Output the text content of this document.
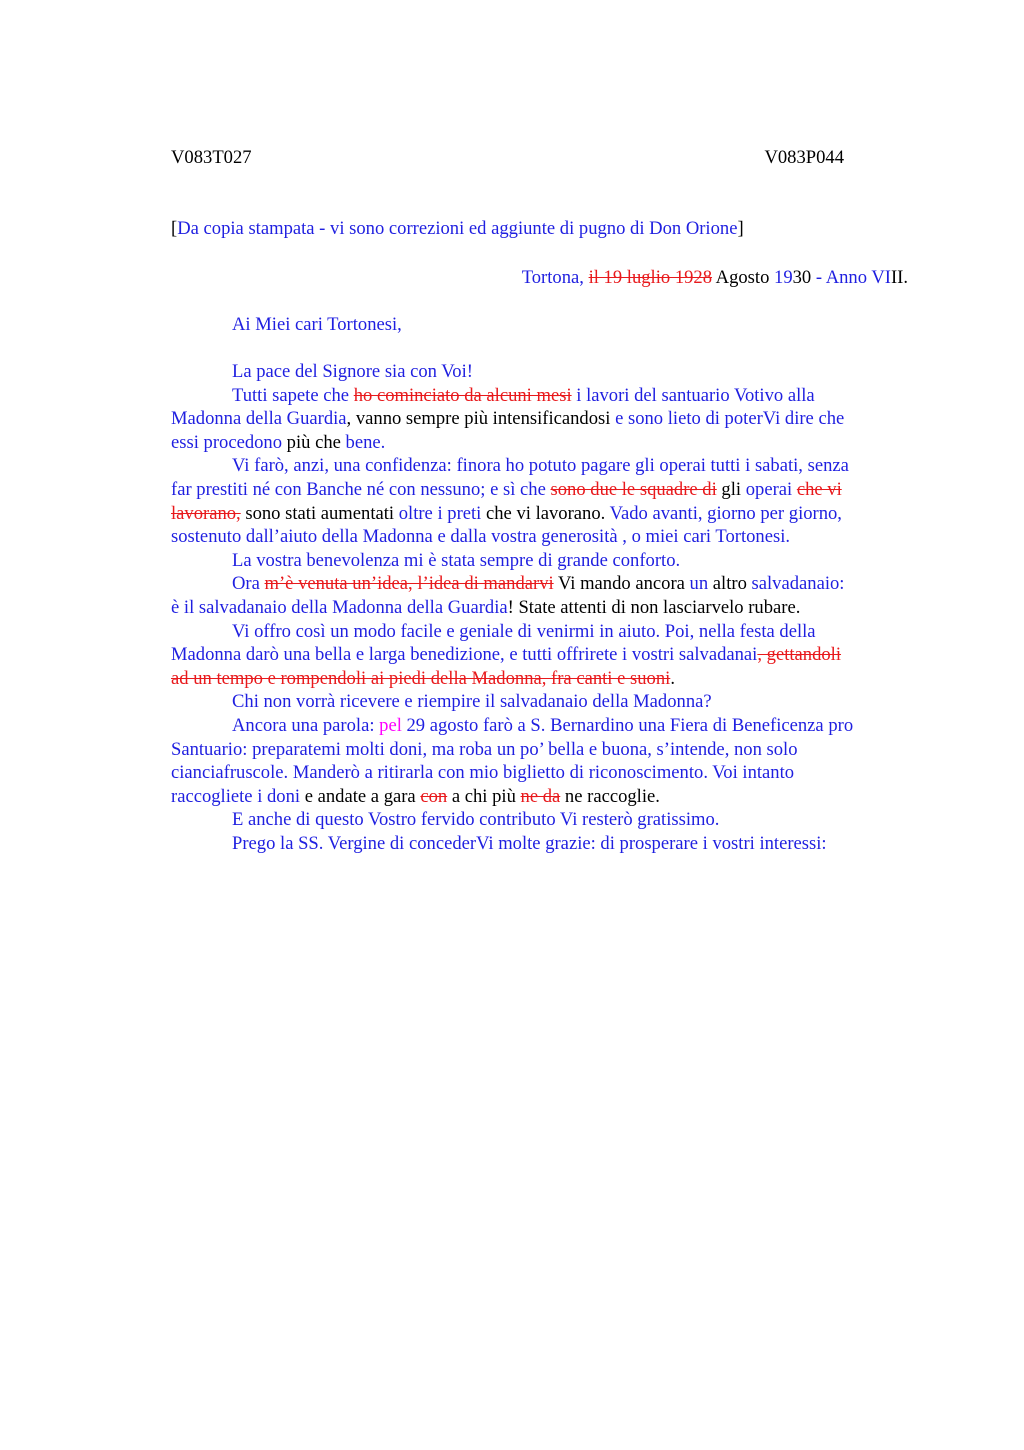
V083T027	V083P044
[Da copia stampata - vi sono correzioni ed aggiunte di pugno di Don Orione]
Tortona, il 19 luglio 1928 Agosto 1930 - Anno VIII.

Ai Miei cari Tortonesi,

La pace del Signore sia con Voi!

Tutti sapete che ho cominciato da alcuni mesi i lavori del santuario Votivo alla

Madonna della Guardia, vanno sempre più intensificandosi e sono lieto di poterVi dire che

essi procedono più che bene.

Vi farò, anzi, una confidenza: finora ho potuto pagare gli operai tutti i sabati, senza

far prestiti né con Banche né con nessuno; e sì che sono due le squadre di gli operai che vi

lavorano, sono stati aumentati oltre i preti che vi lavorano. Vado avanti, giorno per giorno,

sostenuto dall’aiuto della Madonna e dalla vostra generosità , o miei cari Tortonesi.

La vostra benevolenza mi è stata sempre di grande conforto.

Ora m’è venuta un’idea, l’idea di mandarvi Vi mando ancora un altro salvadanaio:

è il salvadanaio della Madonna della Guardia! State attenti di non lasciarvelo rubare.

Vi offro così un modo facile e geniale di venirmi in aiuto. Poi, nella festa della

Madonna darò una bella e larga benedizione, e tutti offrirete i vostri salvadanai, gettandoli

ad un tempo e rompendoli ai piedi della Madonna, fra canti e suoni.

Chi non vorrà ricevere e riempire il salvadanaio della Madonna?

Ancora una parola: pel 29 agosto farò a S. Bernardino una Fiera di Beneficenza pro

Santuario: preparatemi molti doni, ma roba un po’ bella e buona, s’intende, non solo

cianciafruscole. Manderò a ritirarla con mio biglietto di riconoscimento. Voi intanto

raccogliete i doni e andate a gara con a chi più ne da ne raccoglie.

E anche di questo Vostro fervido contributo Vi resterò gratissimo.

Prego la SS. Vergine di concederVi molte grazie: di prosperare i vostri interessi:
